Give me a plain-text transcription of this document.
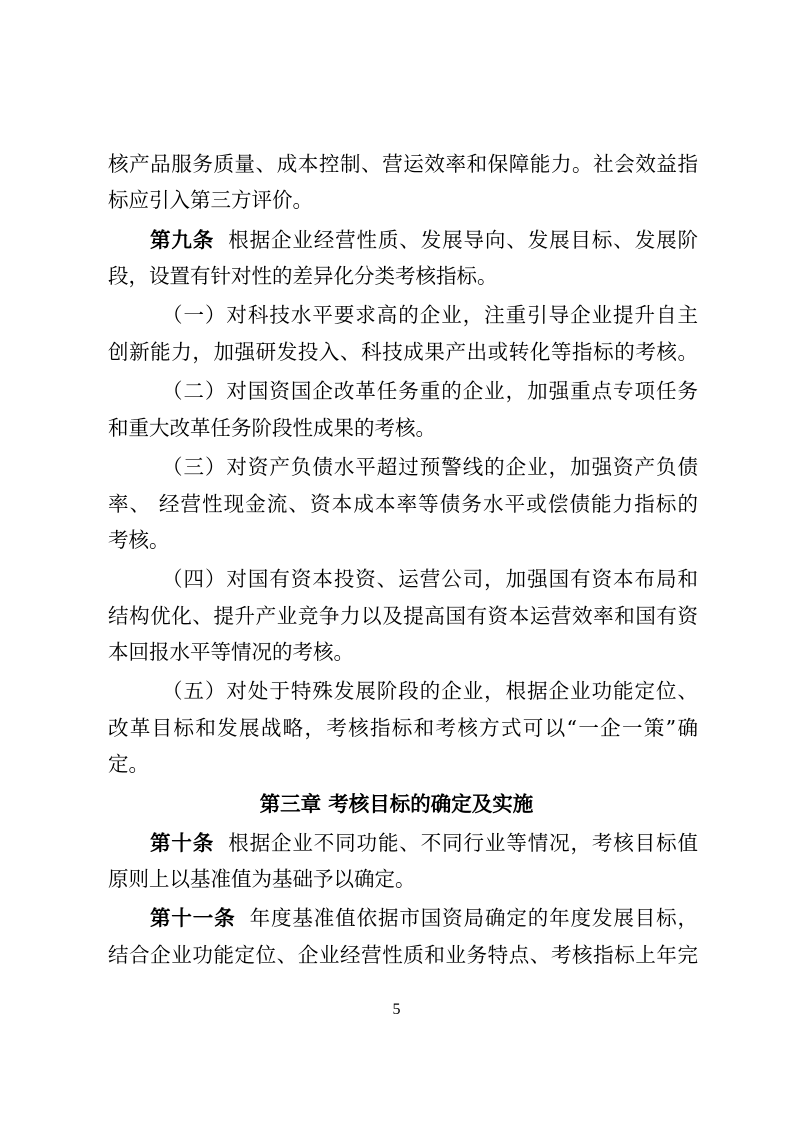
核产品服务质量、成本控制、营运效率和保障能力。社会效益指
标应引入第三方评价。
第九条 根据企业经营性质、发展导向、发展目标、发展阶
段，设置有针对性的差异化分类考核指标。
（一）对科技水平要求高的企业，注重引导企业提升自主
创新能力，加强研发投入、科技成果产出或转化等指标的考核。
（二）对国资国企改革任务重的企业，加强重点专项任务
和重大改革任务阶段性成果的考核。
（三）对资产负债水平超过预警线的企业，加强资产负债
率、 经营性现金流、资本成本率等债务水平或偿债能力指标的
考核。
（四）对国有资本投资、运营公司，加强国有资本布局和
结构优化、提升产业竞争力以及提高国有资本运营效率和国有资
本回报水平等情况的考核。
（五）对处于特殊发展阶段的企业，根据企业功能定位、
改革目标和发展战略，考核指标和考核方式可以“一企一策”确
定。
第三章 考核目标的确定及实施
第十条 根据企业不同功能、不同行业等情况，考核目标值
原则上以基准值为基础予以确定。
第十一条 年度基准值依据市国资局确定的年度发展目标，
结合企业功能定位、企业经营性质和业务特点、考核指标上年完
5
